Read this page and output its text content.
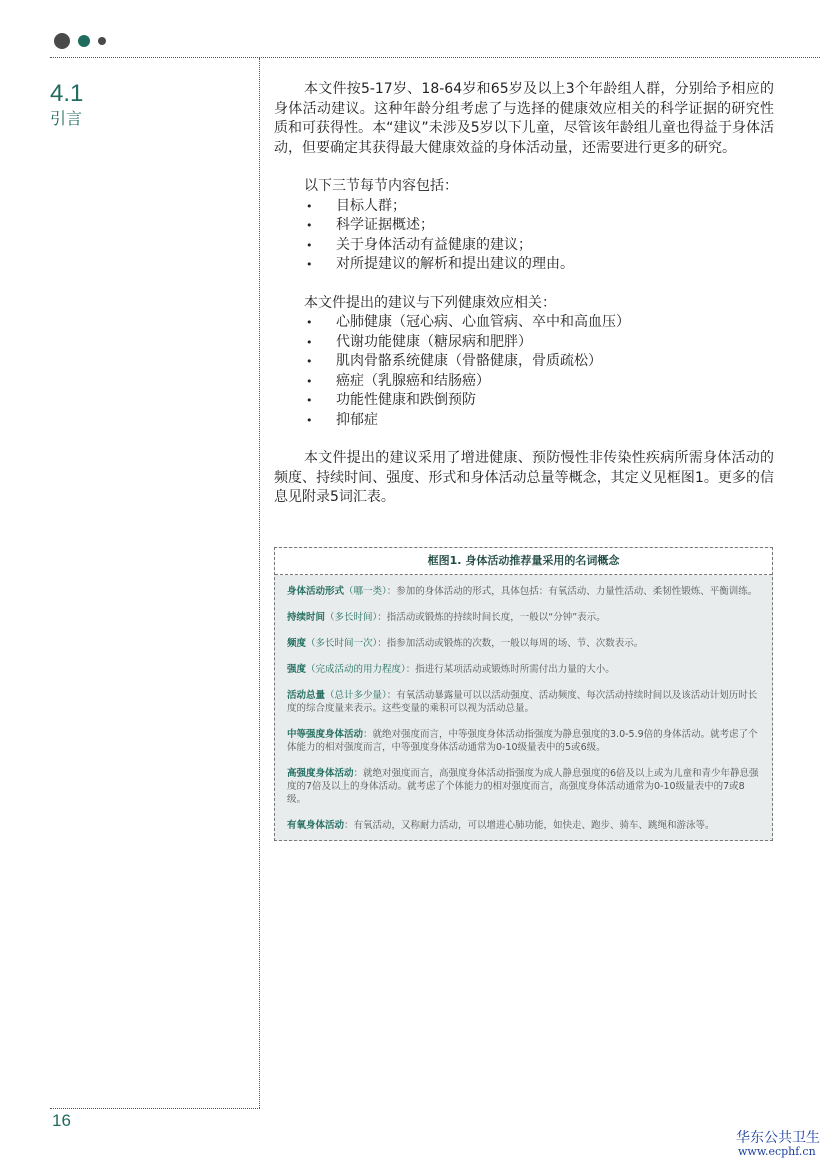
4.1
引言

本文件按5-17岁、18-64岁和65岁及以上3个年龄组人群，分别给予相应的身体活动建议。这种年龄分组考虑了与选择的健康效应相关的科学证据的研究性质和可获得性。本“建议”未涉及5岁以下儿童，尽管该年龄组儿童也得益于身体活动，但要确定其获得最大健康效益的身体活动量，还需要进行更多的研究。

以下三节每节内容包括：
• 目标人群；
• 科学证据概述；
• 关于身体活动有益健康的建议；
• 对所提建议的解析和提出建议的理由。
本文件提出的建议与下列健康效应相关：
• 心肺健康（冠心病、心血管病、卒中和高血压）
• 代谢功能健康（糖尿病和肥胖）
• 肌肉骨骼系统健康（骨骼健康，骨质疏松）
• 癌症（乳腺癌和结肠癌）
• 功能性健康和跌倒预防
• 抑郁症

本文件提出的建议采用了增进健康、预防慢性非传染性疾病所需身体活动的频度、持续时间、强度、形式和身体活动总量等概念，其定义见框图1。更多的信息见附录5词汇表。

框图1. 身体活动推荐量采用的名词概念
身体活动形式（哪一类）：参加的身体活动的形式，具体包括：有氧活动、力量性活动、柔韧性锻炼、平衡训练。
持续时间（多长时间）：指活动或锻炼的持续时间长度，一般以“分钟”表示。
频度（多长时间一次）：指参加活动或锻炼的次数，一般以每周的场、节、次数表示。
强度（完成活动的用力程度）：指进行某项活动或锻炼时所需付出力量的大小。
活动总量（总计多少量）：有氧活动暴露量可以以活动强度、活动频度、每次活动持续时间以及该活动计划历时长度的综合度量来表示。这些变量的乘积可以视为活动总量。
中等强度身体活动：就绝对强度而言，中等强度身体活动指强度为静息强度的3.0-5.9倍的身体活动。就考虑了个体能力的相对强度而言，中等强度身体活动通常为0-10级量表中的5或6级。
高强度身体活动：就绝对强度而言，高强度身体活动指强度为成人静息强度的6倍及以上或为儿童和青少年静息强度的7倍及以上的身体活动。就考虑了个体能力的相对强度而言，高强度身体活动通常为0-10级量表中的7或8级。
有氧身体活动：有氧活动，又称耐力活动，可以增进心肺功能，如快走、跑步、骑车、跳绳和游泳等。
16
华东公共卫生
www.ecphf.cn
